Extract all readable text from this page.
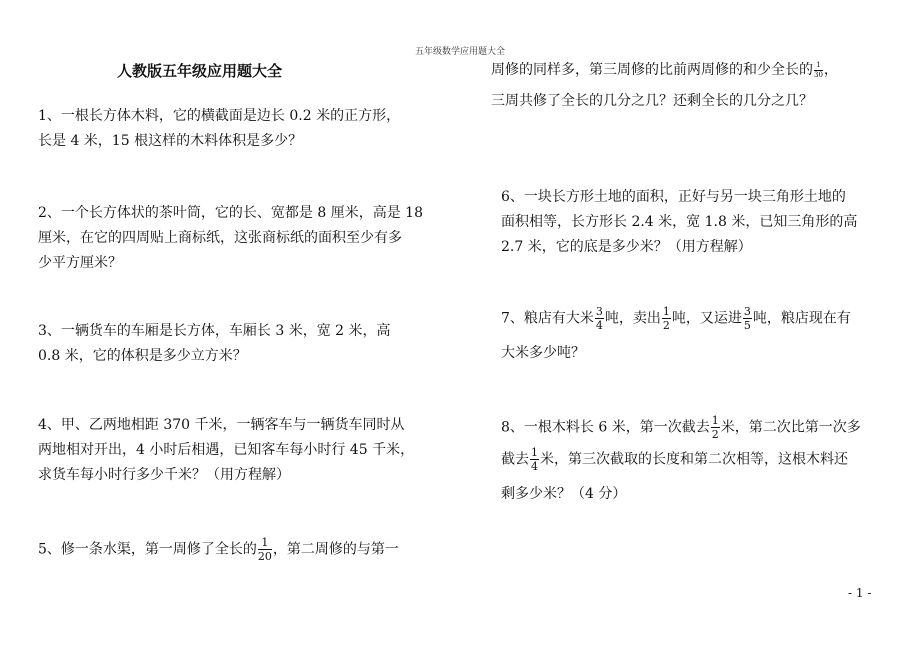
五年级数学应用题大全
人教版五年级应用题大全
1、一根长方体木料，它的横截面是边长 0.2 米的正方形，
长是 4 米，15 根这样的木料体积是多少？
2、一个长方体状的茶叶筒，它的长、宽都是 8 厘米，高是 18
厘米，在它的四周贴上商标纸，这张商标纸的面积至少有多
少平方厘米？
3、一辆货车的车厢是长方体，车厢长 3 米，宽 2 米，高
0.8 米，它的体积是多少立方米？
4、甲、乙两地相距 370 千米，一辆客车与一辆货车同时从
两地相对开出，4 小时后相遇，已知客车每小时行 45 千米，
求货车每小时行多少千米？（用方程解）
5、修一条水渠，第一周修了全长的 $\frac{1}{20}$ ，第二周修的与第一
周修的同样多，第三周修的比前两周修的和少全长的 $\frac{1}{30}$ ，
三周共修了全长的几分之几？还剩全长的几分之几？
6、一块长方形土地的面积，正好与另一块三角形土地的
面积相等，长方形长 2.4 米，宽 1.8 米，已知三角形的高
2.7 米，它的底是多少米？（用方程解）
7、粮店有大米 $\frac{3}{4}$ 吨，卖出 $\frac{1}{2}$ 吨，又运进 $\frac{3}{5}$ 吨，粮店现在有
大米多少吨？
8、一根木料长 6 米，第一次截去 $\frac{1}{2}$ 米，第二次比第一次多
截去 $\frac{1}{4}$ 米，第三次截取的长度和第二次相等，这根木料还
剩多少米？（4 分）
- 1 -
